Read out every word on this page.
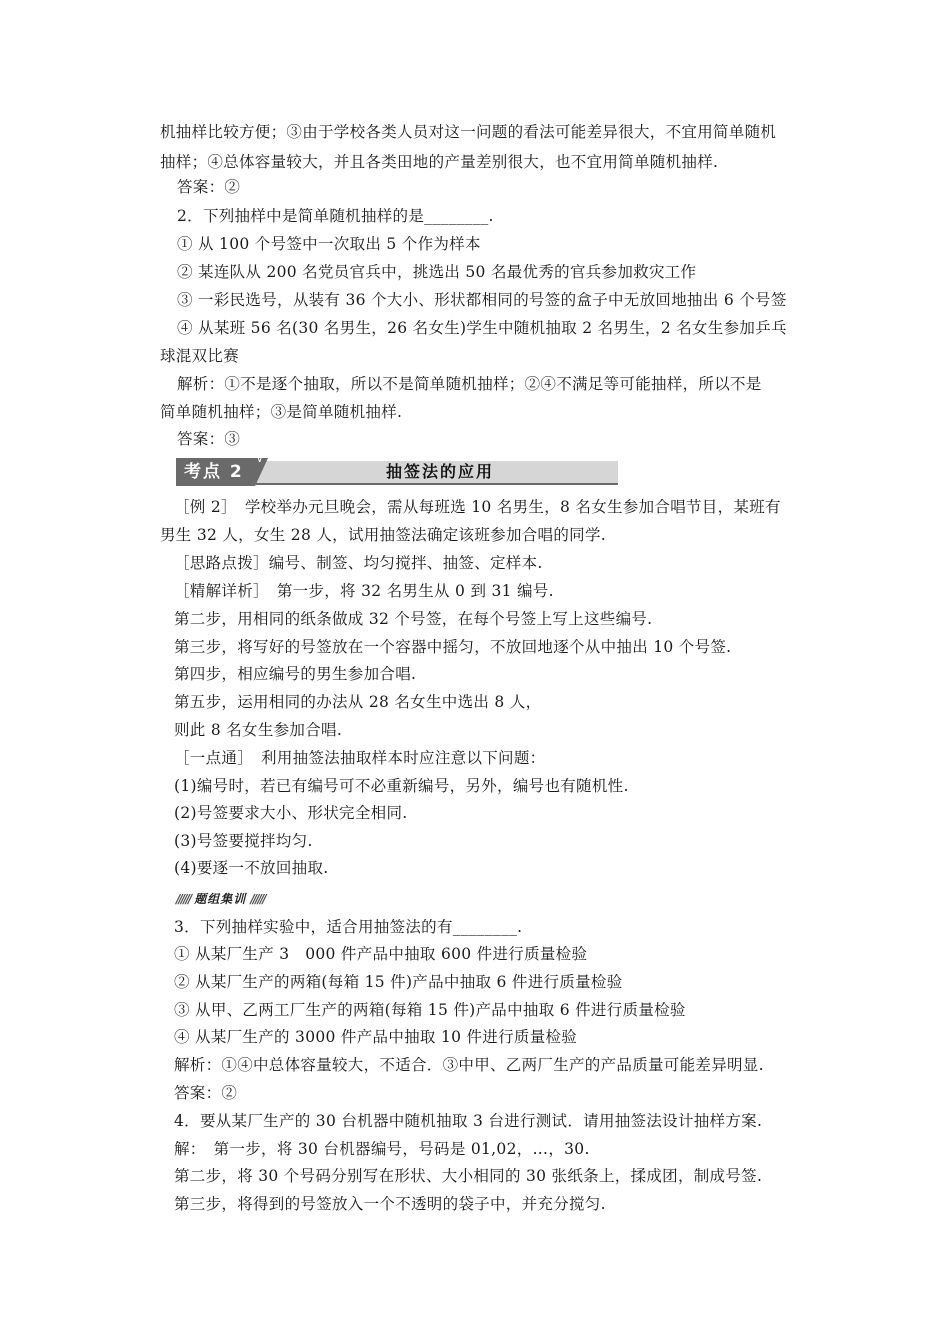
机抽样比较方便；③由于学校各类人员对这一问题的看法可能差异很大，不宜用简单随机
抽样；④总体容量较大，并且各类田地的产量差别很大，也不宜用简单随机抽样.
答案：②
2．下列抽样中是简单随机抽样的是________.
① 从 100 个号签中一次取出 5 个作为样本
② 某连队从 200 名党员官兵中，挑选出 50 名最优秀的官兵参加救灾工作
③ 一彩民选号，从装有 36 个大小、形状都相同的号签的盒子中无放回地抽出 6 个号签
④ 从某班 56 名(30 名男生，26 名女生)学生中随机抽取 2 名男生，2 名女生参加乒乓
球混双比赛
解析：①不是逐个抽取，所以不是简单随机抽样；②④不满足等可能抽样，所以不是
简单随机抽样；③是简单随机抽样.
答案：③
考点 2
∨
抽签法的应用
［例 2］　学校举办元旦晚会，需从每班选 10 名男生，8 名女生参加合唱节目，某班有
男生 32 人，女生 28 人，试用抽签法确定该班参加合唱的同学.
［思路点拨］编号、制签、均匀搅拌、抽签、定样本.
［精解详析］　第一步，将 32 名男生从 0 到 31 编号.
第二步，用相同的纸条做成 32 个号签，在每个号签上写上这些编号.
第三步，将写好的号签放在一个容器中摇匀，不放回地逐个从中抽出 10 个号签.
第四步，相应编号的男生参加合唱.
第五步，运用相同的办法从 28 名女生中选出 8 人，
则此 8 名女生参加合唱.
［一点通］　利用抽签法抽取样本时应注意以下问题：
(1)编号时，若已有编号可不必重新编号，另外，编号也有随机性.
(2)号签要求大小、形状完全相同.
(3)号签要搅拌均匀.
(4)要逐一不放回抽取.
////// 题组集训 //////
3．下列抽样实验中，适合用抽签法的有________.
① 从某厂生产 3　000 件产品中抽取 600 件进行质量检验
② 从某厂生产的两箱(每箱 15 件)产品中抽取 6 件进行质量检验
③ 从甲、乙两工厂生产的两箱(每箱 15 件)产品中抽取 6 件进行质量检验
④ 从某厂生产的 3000 件产品中抽取 10 件进行质量检验
解析：①④中总体容量较大，不适合．③中甲、乙两厂生产的产品质量可能差异明显.
答案：②
4．要从某厂生产的 30 台机器中随机抽取 3 台进行测试．请用抽签法设计抽样方案.
解：　第一步，将 30 台机器编号，号码是 01,02，…，30.
第二步，将 30 个号码分别写在形状、大小相同的 30 张纸条上，揉成团，制成号签.
第三步，将得到的号签放入一个不透明的袋子中，并充分搅匀.
